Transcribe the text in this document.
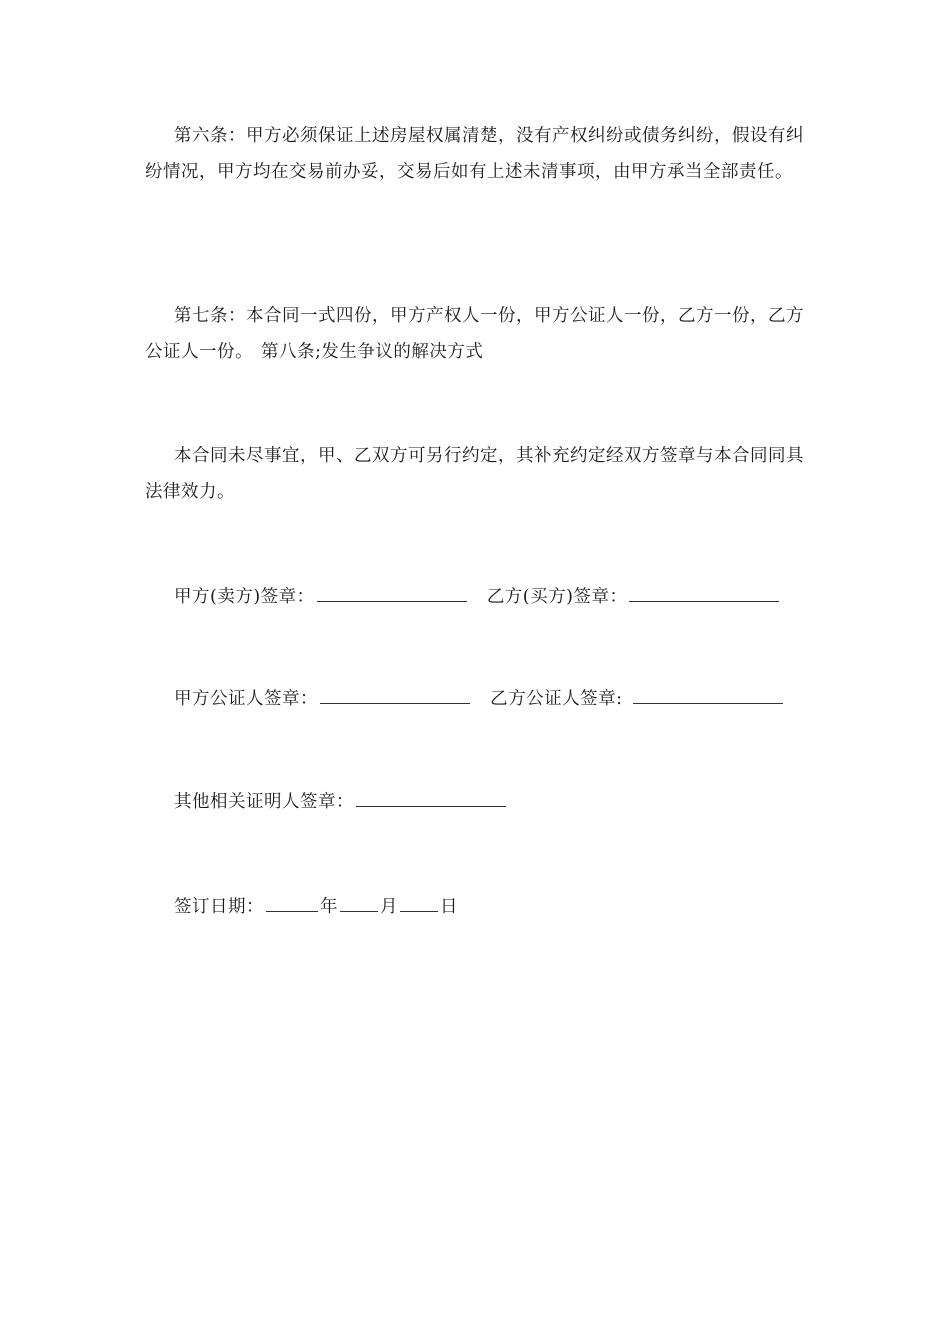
第六条：甲方必须保证上述房屋权属清楚，没有产权纠纷或债务纠纷，假设有纠纷情况，甲方均在交易前办妥，交易后如有上述未清事项，由甲方承当全部责任。

第七条：本合同一式四份，甲方产权人一份，甲方公证人一份，乙方一份，乙方公证人一份。 第八条;发生争议的解决方式

本合同未尽事宜，甲、乙双方可另行约定，其补充约定经双方签章与本合同同具法律效力。

甲方(卖方)签章：	乙方(买方)签章：
甲方公证人签章：	乙方公证人签章:
其他相关证明人签章：
签订日期：	年 月 日
